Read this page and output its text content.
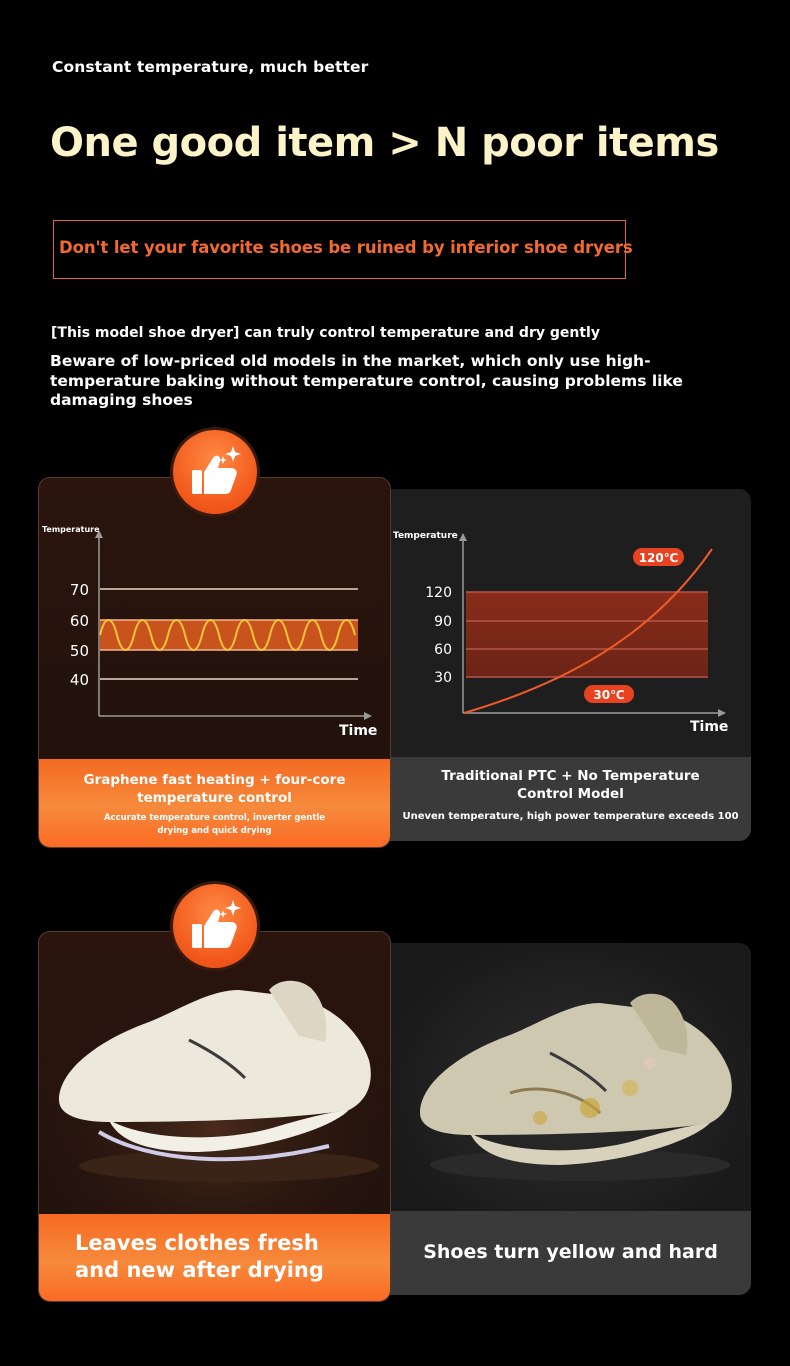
Constant temperature, much better
One good item > N poor items
Don't let your favorite shoes be ruined by inferior shoe dryers
[This model shoe dryer] can truly control temperature and dry gently
Beware of low-priced old models in the market, which only use high-temperature baking without temperature control, causing problems like damaging shoes
120℃
30℃
Temperature
Time
120
90
60
30
Traditional PTC + No Temperature Control Model
Uneven temperature, high power temperature exceeds 100
Temperature
Time
70
60
50
40
Graphene fast heating + four-core temperature control
Accurate temperature control, inverter gentle drying and quick drying
Shoes turn yellow and hard
Leaves clothes fresh and new after drying
